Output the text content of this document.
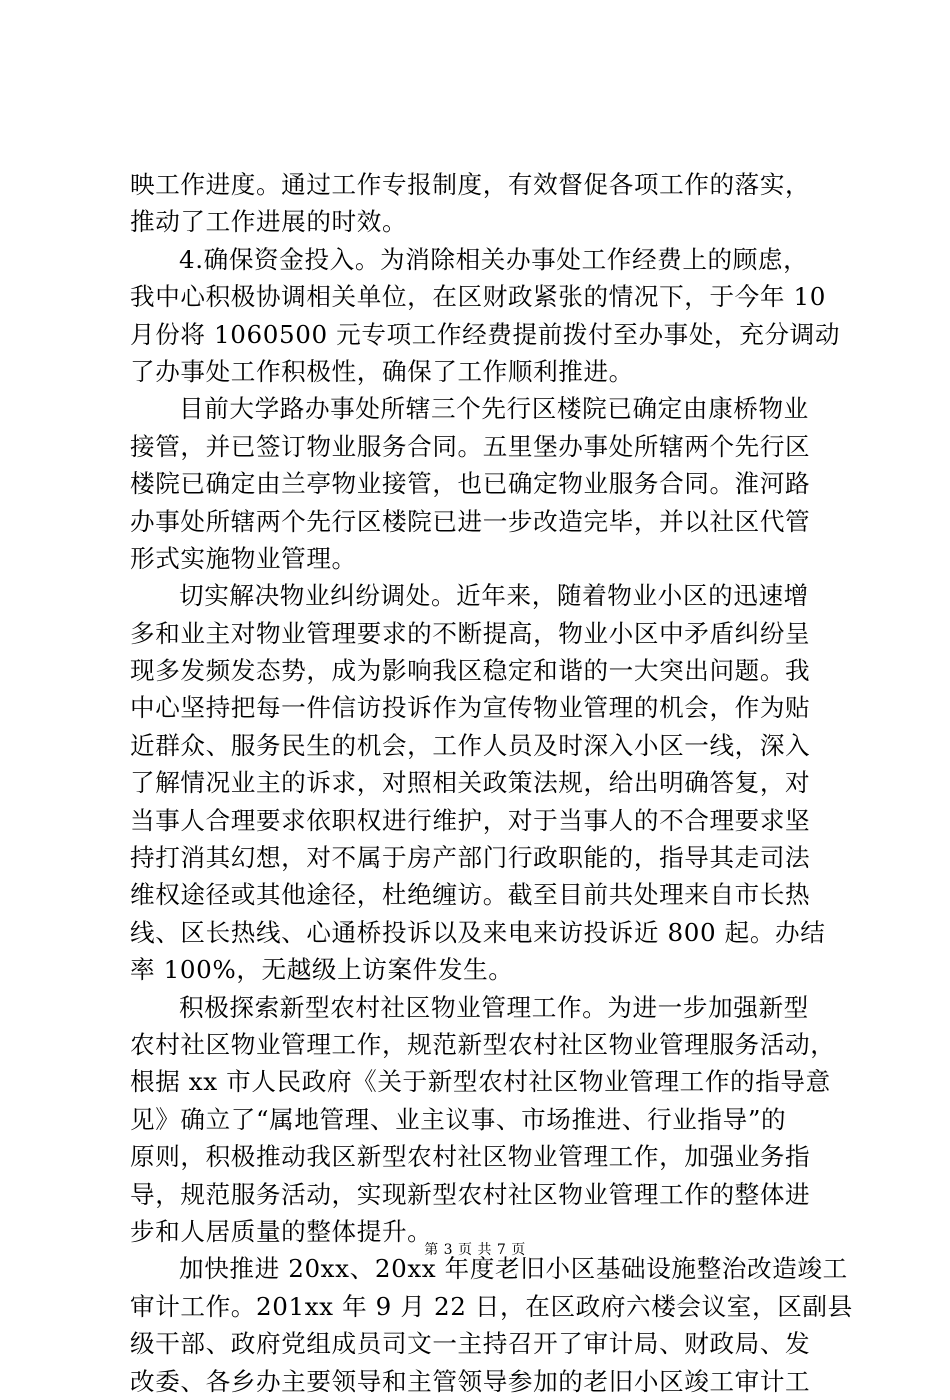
映工作进度。通过工作专报制度，有效督促各项工作的落实，
推动了工作进展的时效。
4.确保资金投入。为消除相关办事处工作经费上的顾虑，
我中心积极协调相关单位，在区财政紧张的情况下，于今年 10
月份将 1060500 元专项工作经费提前拨付至办事处，充分调动
了办事处工作积极性，确保了工作顺利推进。
目前大学路办事处所辖三个先行区楼院已确定由康桥物业
接管，并已签订物业服务合同。五里堡办事处所辖两个先行区
楼院已确定由兰亭物业接管，也已确定物业服务合同。淮河路
办事处所辖两个先行区楼院已进一步改造完毕，并以社区代管
形式实施物业管理。
切实解决物业纠纷调处。近年来，随着物业小区的迅速增
多和业主对物业管理要求的不断提高，物业小区中矛盾纠纷呈
现多发频发态势，成为影响我区稳定和谐的一大突出问题。我
中心坚持把每一件信访投诉作为宣传物业管理的机会，作为贴
近群众、服务民生的机会，工作人员及时深入小区一线，深入
了解情况业主的诉求，对照相关政策法规，给出明确答复，对
当事人合理要求依职权进行维护，对于当事人的不合理要求坚
持打消其幻想，对不属于房产部门行政职能的，指导其走司法
维权途径或其他途径，杜绝缠访。截至目前共处理来自市长热
线、区长热线、心通桥投诉以及来电来访投诉近 800 起。办结
率 100%，无越级上访案件发生。
积极探索新型农村社区物业管理工作。为进一步加强新型
农村社区物业管理工作，规范新型农村社区物业管理服务活动，
根据 xx 市人民政府《关于新型农村社区物业管理工作的指导意
见》确立了“属地管理、业主议事、市场推进、行业指导”的
原则，积极推动我区新型农村社区物业管理工作，加强业务指
导，规范服务活动，实现新型农村社区物业管理工作的整体进
步和人居质量的整体提升。
加快推进 20xx、20xx 年度老旧小区基础设施整治改造竣工
审计工作。201xx 年 9 月 22 日，在区政府六楼会议室，区副县
级干部、政府党组成员司文一主持召开了审计局、财政局、发
改委、各乡办主要领导和主管领导参加的老旧小区竣工审计工
第 3 页 共 7 页
